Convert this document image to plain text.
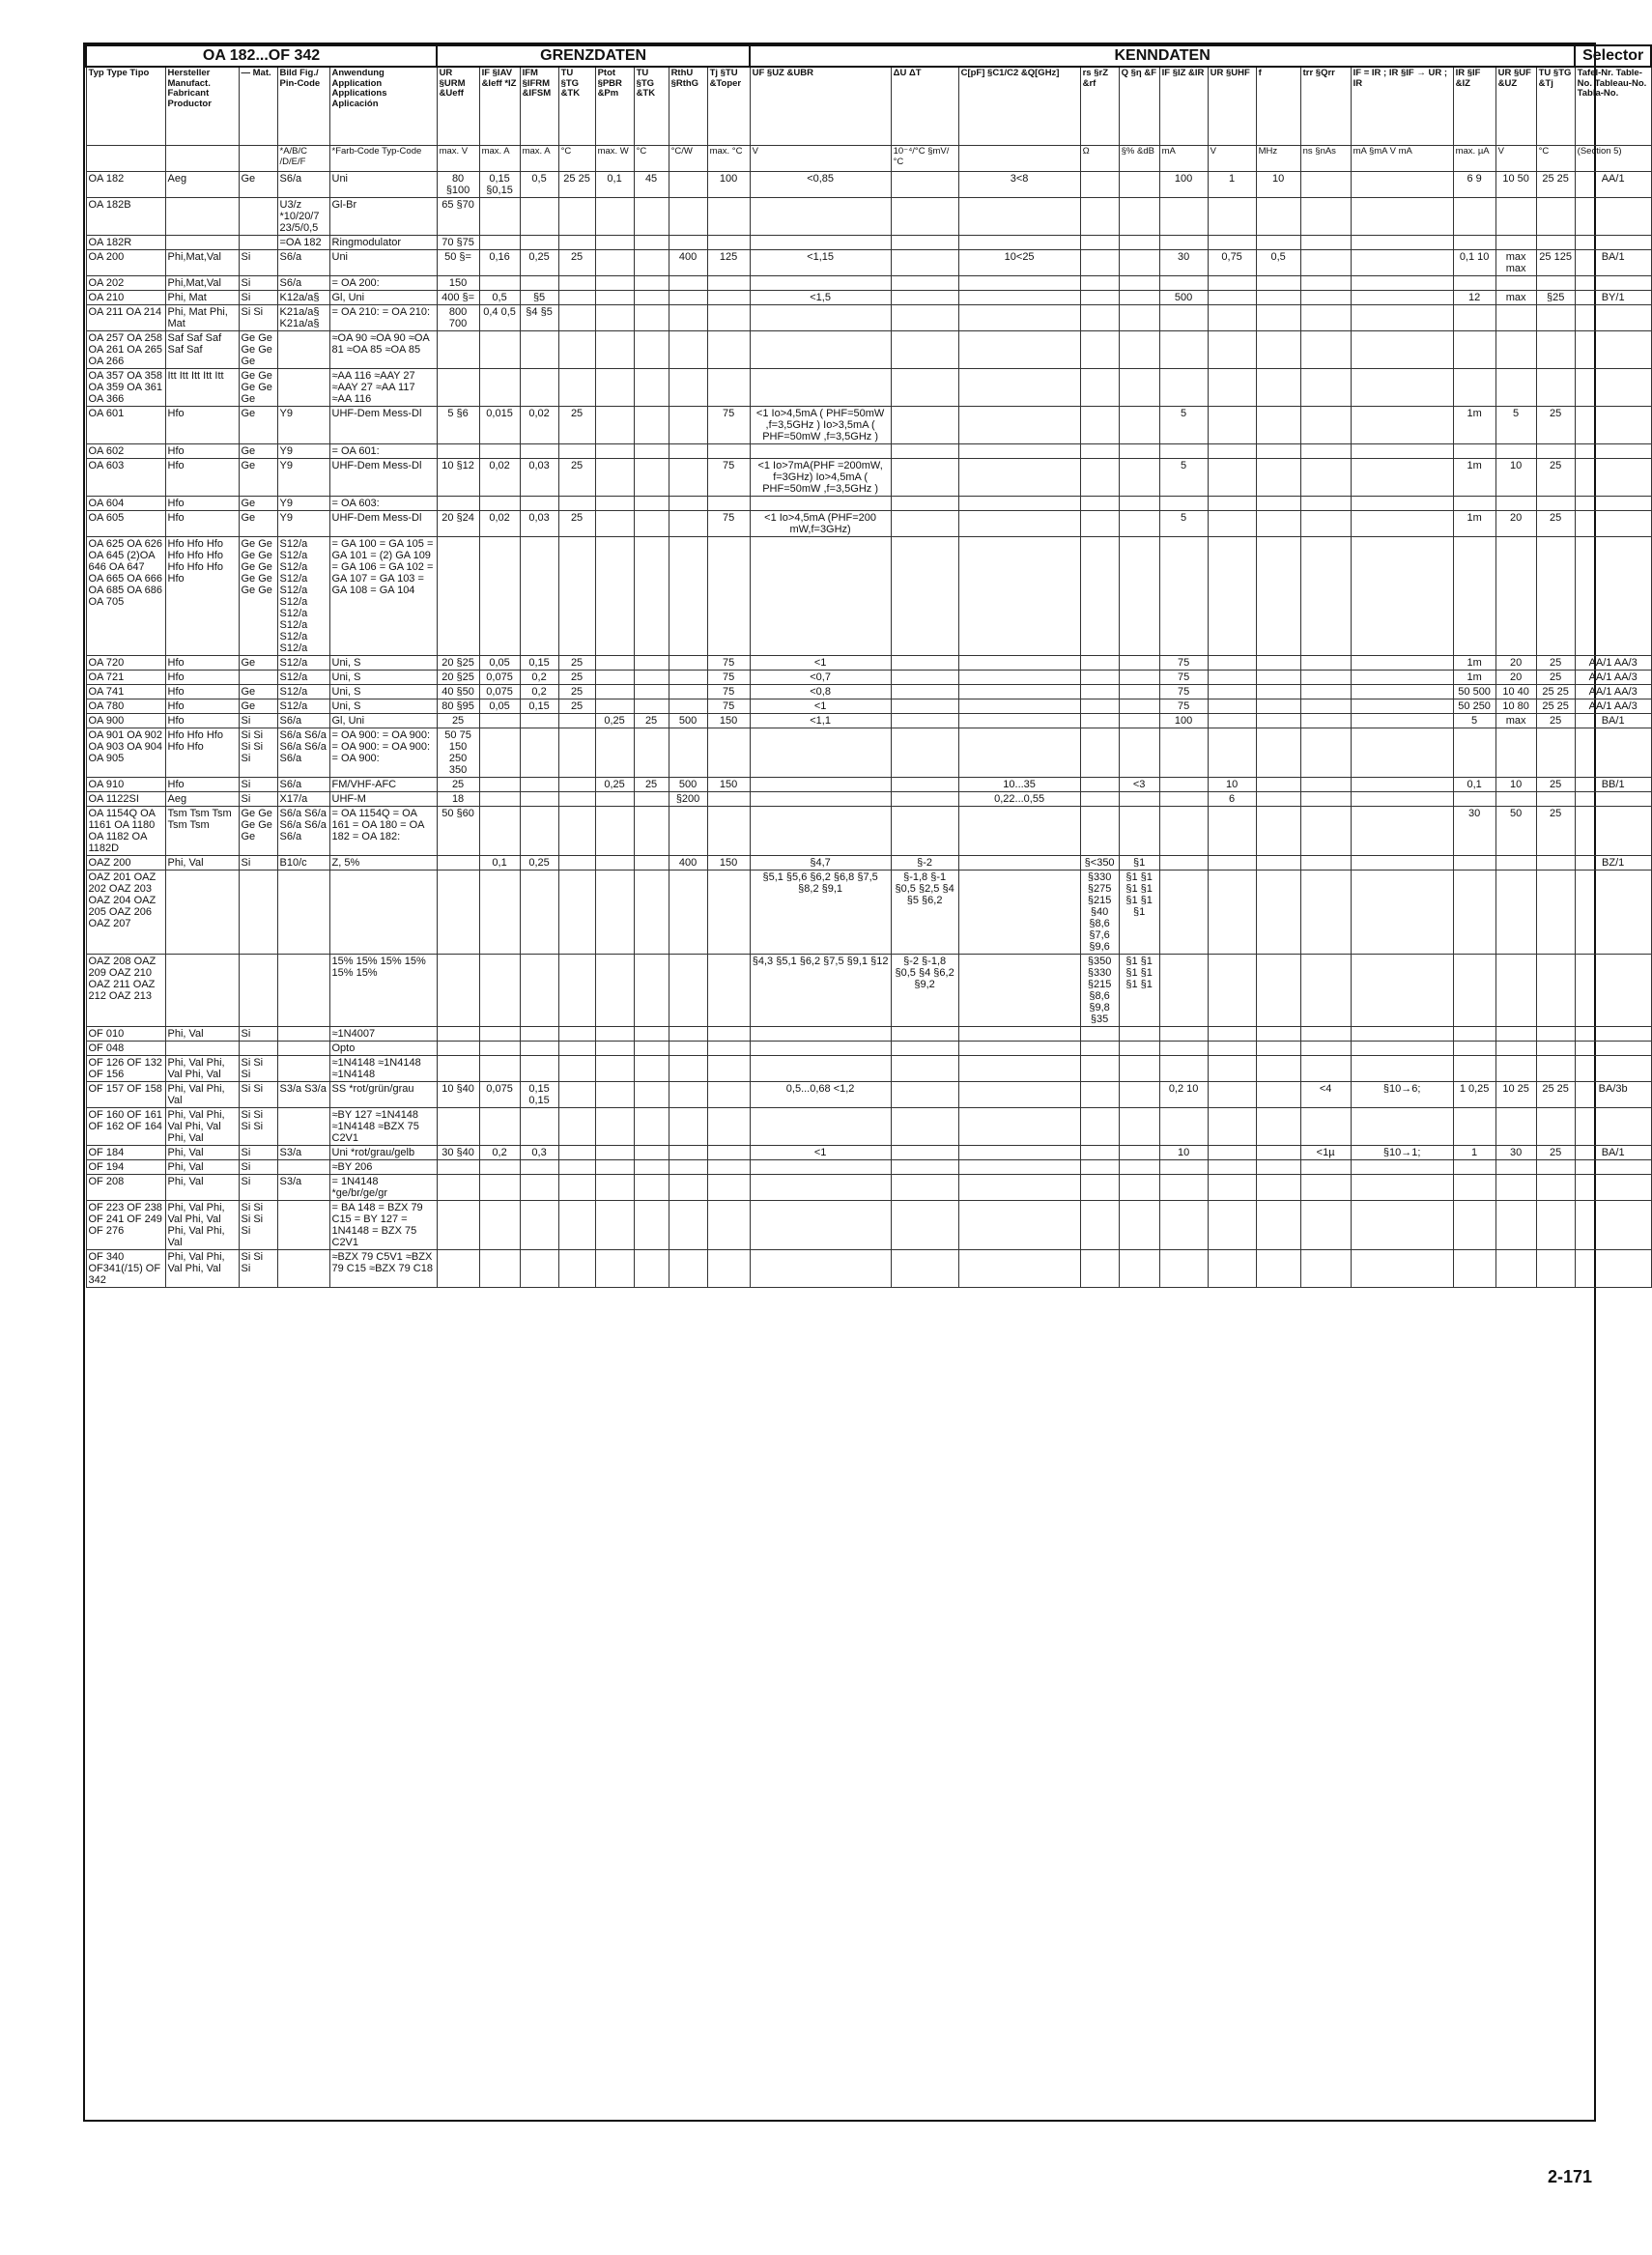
OA 182...OF 342					GRENZDATEN								KENNDATEN													Selector
Typ Type Tipo	Hersteller Manufact. Fabricant Productor	— Mat.	Bild Fig./ Pin-Code	Anwendung Application Applications Aplicación	UR §URM &Ueff	IF §IAV &Ieff *IZ	IFM §IFRM &IFSM	TU §TG &TK	Ptot §PBR &Pm	TU §TG &TK	RthU §RthG	Tj §TU &Toper	UF §UZ &UBR	ΔU ΔT	C[pF] §C1/C2 &Q[GHz]	rs §rZ &rf	Q §η &F	IF §IZ &IR	UR §UHF	f	trr §Qrr	IF = IR ; IR §IF → UR ; IR	IR §IF &IZ	UR §UF &UZ	TU §TG &Tj	Tafel-Nr. Table-No. Tableau-No. Tabla-No.
			*A/B/C /D/E/F	*Farb-Code Typ-Code	max. V	max. A	max. A	°C	max. W	°C	°C/W	max. °C	V	10⁻⁴/°C §mV/°C		Ω	§% &dB	mA	V	MHz	ns §nAs	mA §mA V mA	max. µA	V	°C	(Section 5)
OA 182	Aeg	Ge	S6/a	Uni	80 §100	0,15 §0,15	0,5	25 25	0,1	45		100	<0,85		3<8			100	1	10			6 9	10 50	25 25	AA/1
OA 182B			U3/z *10/20/7 23/5/0,5	Gl-Br	65 §70																					
OA 182R			=OA 182	Ringmodulator	70 §75																					
OA 200	Phi,Mat,Val	Si	S6/a	Uni	50 §=	0,16	0,25	25			400	125	<1,15		10<25			30	0,75	0,5			0,1 10	max max	25 125	BA/1
OA 202	Phi,Mat,Val	Si	S6/a	= OA 200:	150																					
OA 210	Phi, Mat	Si	K12a/a§	Gl, Uni	400 §=	0,5	§5						<1,5					500					12	max	§25	BY/1
OA 211 OA 214	Phi, Mat Phi, Mat	Si Si	K21a/a§ K21a/a§	= OA 210: = OA 210:	800 700	0,4 0,5	§4 §5																			
OA 257 OA 258 OA 261 OA 265 OA 266	Saf Saf Saf Saf Saf	Ge Ge Ge Ge Ge		≈OA 90 ≈OA 90 ≈OA 81 ≈OA 85 ≈OA 85																						
OA 357 OA 358 OA 359 OA 361 OA 366	Itt Itt Itt Itt Itt	Ge Ge Ge Ge Ge		≈AA 116 ≈AAY 27 ≈AAY 27 ≈AA 117 ≈AA 116																						
OA 601	Hfo	Ge	Y9	UHF-Dem Mess-Dl	5 §6	0,015	0,02	25				75	<1 Io>4,5mA ( PHF=50mW ,f=3,5GHz ) Io>3,5mA ( PHF=50mW ,f=3,5GHz )					5					1m	5	25	
OA 602	Hfo	Ge	Y9	= OA 601:																						
OA 603	Hfo	Ge	Y9	UHF-Dem Mess-Dl	10 §12	0,02	0,03	25				75	<1 Io>7mA(PHF =200mW, f=3GHz) Io>4,5mA ( PHF=50mW ,f=3,5GHz )					5					1m	10	25	
OA 604	Hfo	Ge	Y9	= OA 603:																						
OA 605	Hfo	Ge	Y9	UHF-Dem Mess-Dl	20 §24	0,02	0,03	25				75	<1 Io>4,5mA (PHF=200 mW,f=3GHz)					5					1m	20	25	
OA 625 OA 626 OA 645 (2)OA 646 OA 647 OA 665 OA 666 OA 685 OA 686 OA 705	Hfo Hfo Hfo Hfo Hfo Hfo Hfo Hfo Hfo Hfo	Ge Ge Ge Ge Ge Ge Ge Ge Ge Ge	S12/a S12/a S12/a S12/a S12/a S12/a S12/a S12/a S12/a S12/a	= GA 100 = GA 105 = GA 101 = (2) GA 109 = GA 106 = GA 102 = GA 107 = GA 103 = GA 108 = GA 104																						
OA 720	Hfo	Ge	S12/a	Uni, S	20 §25	0,05	0,15	25				75	<1					75					1m	20	25	AA/1 AA/3
OA 721	Hfo		S12/a	Uni, S	20 §25	0,075	0,2	25				75	<0,7					75					1m	20	25	AA/1 AA/3
OA 741	Hfo	Ge	S12/a	Uni, S	40 §50	0,075	0,2	25				75	<0,8					75					50 500	10 40	25 25	AA/1 AA/3
OA 780	Hfo	Ge	S12/a	Uni, S	80 §95	0,05	0,15	25				75	<1					75					50 250	10 80	25 25	AA/1 AA/3
OA 900	Hfo	Si	S6/a	Gl, Uni	25				0,25	25	500	150	<1,1					100					5	max	25	BA/1
OA 901 OA 902 OA 903 OA 904 OA 905	Hfo Hfo Hfo Hfo Hfo	Si Si Si Si Si	S6/a S6/a S6/a S6/a S6/a	= OA 900: = OA 900: = OA 900: = OA 900: = OA 900:	50 75 150 250 350																					
OA 910	Hfo	Si	S6/a	FM/VHF-AFC	25				0,25	25	500	150			10...35		<3		10				0,1	10	25	BB/1
OA 1122SI	Aeg	Si	X17/a	UHF-M	18						§200				0,22...0,55				6							
OA 1154Q OA 1161 OA 1180 OA 1182 OA 1182D	Tsm Tsm Tsm Tsm Tsm	Ge Ge Ge Ge Ge	S6/a S6/a S6/a S6/a S6/a	= OA 1154Q = OA 161 = OA 180 = OA 182 = OA 182:	50 §60																		30	50	25	
OAZ 200	Phi, Val	Si	B10/c	Z, 5%		0,1	0,25				400	150	§4,7	§-2		§<350	§1									BZ/1
OAZ 201 OAZ 202 OAZ 203 OAZ 204 OAZ 205 OAZ 206 OAZ 207													§5,1 §5,6 §6,2 §6,8 §7,5 §8,2 §9,1	§-1,8 §-1 §0,5 §2,5 §4 §5 §6,2		§330 §275 §215 §40 §8,6 §7,6 §9,6	§1 §1 §1 §1 §1 §1 §1									
OAZ 208 OAZ 209 OAZ 210 OAZ 211 OAZ 212 OAZ 213				15% 15% 15% 15% 15% 15%									§4,3 §5,1 §6,2 §7,5 §9,1 §12	§-2 §-1,8 §0,5 §4 §6,2 §9,2		§350 §330 §215 §8,6 §9,8 §35	§1 §1 §1 §1 §1 §1									
OF 010	Phi, Val	Si		≈1N4007																						
OF 048				Opto																						
OF 126 OF 132 OF 156	Phi, Val Phi, Val Phi, Val	Si Si Si		≈1N4148 ≈1N4148 ≈1N4148																						
OF 157 OF 158	Phi, Val Phi, Val	Si Si	S3/a S3/a	SS *rot/grün/grau	10 §40	0,075	0,15 0,15						0,5...0,68 <1,2					0,2 10			<4	§10→6;	1 0,25	10 25	25 25	BA/3b
OF 160 OF 161 OF 162 OF 164	Phi, Val Phi, Val Phi, Val Phi, Val	Si Si Si Si		≈BY 127 ≈1N4148 ≈1N4148 ≈BZX 75 C2V1																						
OF 184	Phi, Val	Si	S3/a	Uni *rot/grau/gelb	30 §40	0,2	0,3						<1					10			<1µ	§10→1;	1	30	25	BA/1
OF 194	Phi, Val	Si		≈BY 206																						
OF 208	Phi, Val	Si	S3/a	= 1N4148 *ge/br/ge/gr																						
OF 223 OF 238 OF 241 OF 249 OF 276	Phi, Val Phi, Val Phi, Val Phi, Val Phi, Val	Si Si Si Si Si		= BA 148 = BZX 79 C15 = BY 127 = 1N4148 = BZX 75 C2V1																						
OF 340 OF341(/15) OF 342	Phi, Val Phi, Val Phi, Val	Si Si Si		≈BZX 79 C5V1 ≈BZX 79 C15 ≈BZX 79 C18																						
2-171
